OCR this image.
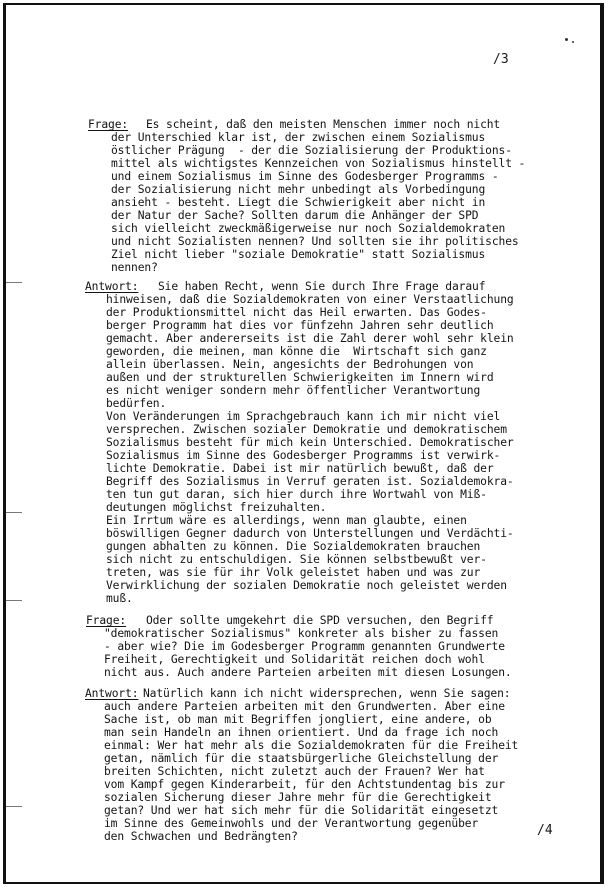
/3
/4
Frage: Es scheint, daß den meisten Menschen immer noch nicht
der Unterschied klar ist, der zwischen einem Sozialismus
östlicher Prägung  - der die Sozialisierung der Produktions-
mittel als wichtigstes Kennzeichen von Sozialismus hinstellt -
und einem Sozialismus im Sinne des Godesberger Programms -
der Sozialisierung nicht mehr unbedingt als Vorbedingung
ansieht - besteht. Liegt die Schwierigkeit aber nicht in
der Natur der Sache? Sollten darum die Anhänger der SPD
sich vielleicht zweckmäßigerweise nur noch Sozialdemokraten
und nicht Sozialisten nennen? Und sollten sie ihr politisches
Ziel nicht lieber "soziale Demokratie" statt Sozialismus
nennen?
Antwort: Sie haben Recht, wenn Sie durch Ihre Frage darauf
hinweisen, daß die Sozialdemokraten von einer Verstaatlichung
der Produktionsmittel nicht das Heil erwarten. Das Godes-
berger Programm hat dies vor fünfzehn Jahren sehr deutlich
gemacht. Aber andererseits ist die Zahl derer wohl sehr klein
geworden, die meinen, man könne die  Wirtschaft sich ganz
allein überlassen. Nein, angesichts der Bedrohungen von
außen und der strukturellen Schwierigkeiten im Innern wird
es nicht weniger sondern mehr öffentlicher Verantwortung
bedürfen.
Von Veränderungen im Sprachgebrauch kann ich mir nicht viel
versprechen. Zwischen sozialer Demokratie und demokratischem
Sozialismus besteht für mich kein Unterschied. Demokratischer
Sozialismus im Sinne des Godesberger Programms ist verwirk-
lichte Demokratie. Dabei ist mir natürlich bewußt, daß der
Begriff des Sozialismus in Verruf geraten ist. Sozialdemokra-
ten tun gut daran, sich hier durch ihre Wortwahl von Miß-
deutungen möglichst freizuhalten.
Ein Irrtum wäre es allerdings, wenn man glaubte, einen
böswilligen Gegner dadurch von Unterstellungen und Verdächti-
gungen abhalten zu können. Die Sozialdemokraten brauchen
sich nicht zu entschuldigen. Sie können selbstbewußt ver-
treten, was sie für ihr Volk geleistet haben und was zur
Verwirklichung der sozialen Demokratie noch geleistet werden
muß.
Frage: Oder sollte umgekehrt die SPD versuchen, den Begriff
"demokratischer Sozialismus" konkreter als bisher zu fassen
- aber wie? Die im Godesberger Programm genannten Grundwerte
Freiheit, Gerechtigkeit und Solidarität reichen doch wohl
nicht aus. Auch andere Parteien arbeiten mit diesen Losungen.
Antwort: Natürlich kann ich nicht widersprechen, wenn Sie sagen:
auch andere Parteien arbeiten mit den Grundwerten. Aber eine
Sache ist, ob man mit Begriffen jongliert, eine andere, ob
man sein Handeln an ihnen orientiert. Und da frage ich noch
einmal: Wer hat mehr als die Sozialdemokraten für die Freiheit
getan, nämlich für die staatsbürgerliche Gleichstellung der
breiten Schichten, nicht zuletzt auch der Frauen? Wer hat
vom Kampf gegen Kinderarbeit, für den Achtstundentag bis zur
sozialen Sicherung dieser Jahre mehr für die Gerechtigkeit
getan? Und wer hat sich mehr für die Solidarität eingesetzt
im Sinne des Gemeinwohls und der Verantwortung gegenüber
den Schwachen und Bedrängten?
